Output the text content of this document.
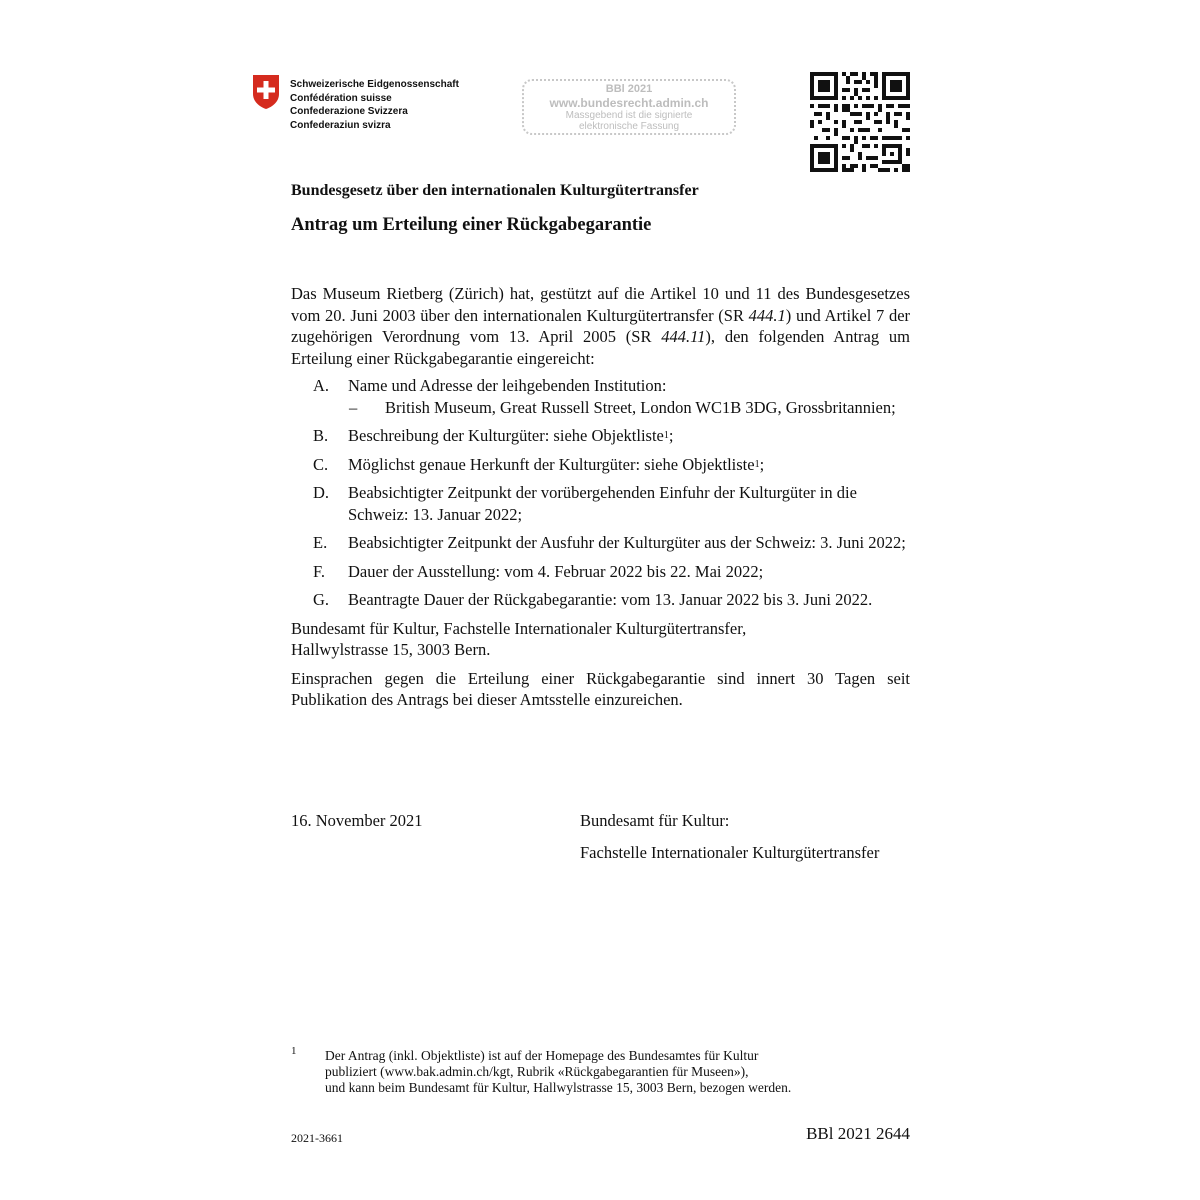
Schweizerische Eidgenossenschaft
Confédération suisse
Confederazione Svizzera
Confederaziun svizra
BBl 2021
www.bundesrecht.admin.ch
Massgebend ist die signierte
elektronische Fassung
Bundesgesetz über den internationalen Kulturgütertransfer
Antrag um Erteilung einer Rückgabegarantie

Das Museum Rietberg (Zürich) hat, gestützt auf die Artikel 10 und 11 des Bundesgesetzes vom 20. Juni 2003 über den internationalen Kulturgütertransfer (SR 444.1) und Artikel 7 der zugehörigen Verordnung vom 13. April 2005 (SR 444.11), den folgenden Antrag um Erteilung einer Rückgabegarantie eingereicht:

A.	Name und Adresse der leihgebenden Institution:
–	British Museum, Great Russell Street, London WC1B 3DG, Grossbritannien;
B.	Beschreibung der Kulturgüter: siehe Objektliste$^1$;
C.	Möglichst genaue Herkunft der Kulturgüter: siehe Objektliste$^1$;
D.	Beabsichtigter Zeitpunkt der vorübergehenden Einfuhr der Kulturgüter in die Schweiz: 13. Januar 2022;
E.	Beabsichtigter Zeitpunkt der Ausfuhr der Kulturgüter aus der Schweiz: 3. Juni 2022;
F.	Dauer der Ausstellung: vom 4. Februar 2022 bis 22. Mai 2022;
G.	Beantragte Dauer der Rückgabegarantie: vom 13. Januar 2022 bis 3. Juni 2022.

Bundesamt für Kultur, Fachstelle Internationaler Kulturgütertransfer,
Hallwylstrasse 15, 3003 Bern.

Einsprachen gegen die Erteilung einer Rückgabegarantie sind innert 30 Tagen seit Publikation des Antrags bei dieser Amtsstelle einzureichen.

16. November 2021	Bundesamt für Kultur:
Fachstelle Internationaler Kulturgütertransfer
1 Der Antrag (inkl. Objektliste) ist auf der Homepage des Bundesamtes für Kultur
publiziert (www.bak.admin.ch/kgt, Rubrik «Rückgabegarantien für Museen»),
und kann beim Bundesamt für Kultur, Hallwylstrasse 15, 3003 Bern, bezogen werden.
2021-3661	BBl 2021 2644
